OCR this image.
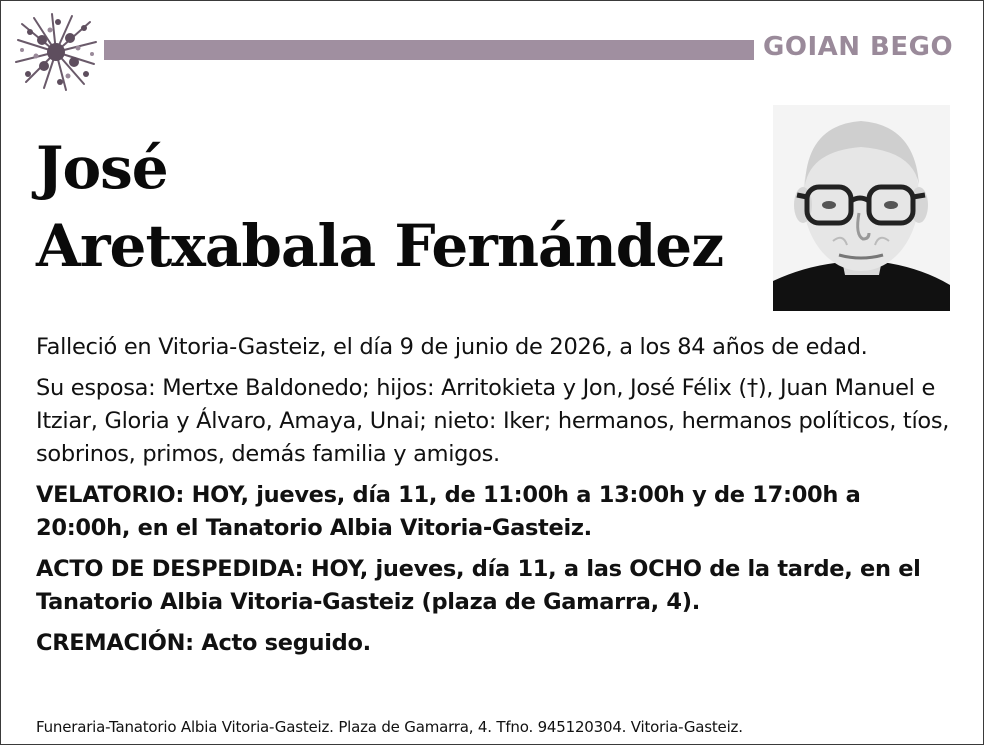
GOIAN BEGO
José
Aretxabala Fernández

Falleció en Vitoria-Gasteiz, el día 9 de junio de 2026, a los 84 años de edad.

Su esposa: Mertxe Baldonedo; hijos: Arritokieta y Jon, José Félix (†), Juan Manuel e Itziar, Gloria y Álvaro, Amaya, Unai; nieto: Iker; hermanos, hermanos políticos, tíos, sobrinos, primos, demás familia y amigos.

VELATORIO: HOY, jueves, día 11, de 11:00h a 13:00h y de 17:00h a 20:00h, en el Tanatorio Albia Vitoria-Gasteiz.

ACTO DE DESPEDIDA: HOY, jueves, día 11, a las OCHO de la tarde, en el Tanatorio Albia Vitoria-Gasteiz (plaza de Gamarra, 4).

CREMACIÓN: Acto seguido.

Funeraria-Tanatorio Albia Vitoria-Gasteiz. Plaza de Gamarra, 4. Tfno. 945120304. Vitoria-Gasteiz.
